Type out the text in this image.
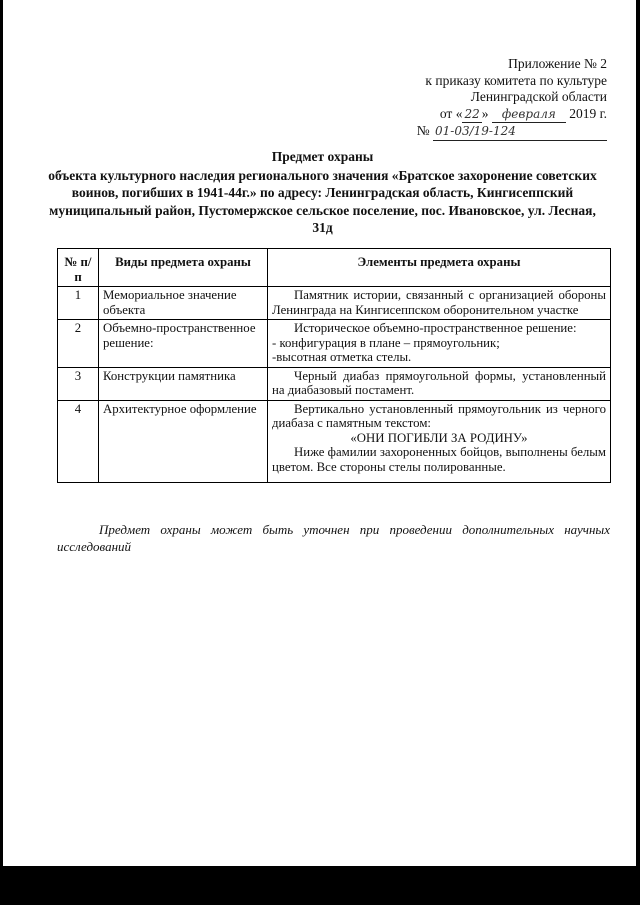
Приложение № 2
к приказу комитета по культуре
Ленинградской области
от « 22 » февраля 2019 г.
№ 01-03/19-124
Предмет охраны
объекта культурного наследия регионального значения «Братское захоронение советских воинов, погибших в 1941-44г.» по адресу: Ленинградская область, Кингисеппский муниципальный район, Пустомержское сельское поселение, пос. Ивановское, ул. Лесная, 31д
№ п/п	Виды предмета охраны	Элементы предмета охраны
1	Мемориальное значение объекта	Памятник истории, связанный с организацией обороны Ленинграда на Кингисеппском оборонительном участке

2	Объемно-пространственное решение:	Историческое объемно-пространственное решение:
- конфигурация в плане – прямоугольник;
-высотная отметка стелы.

3	Конструкции памятника	Черный диабаз прямоугольной формы, установленный на диабазовый постамент.

4	Архитектурное оформление	Вертикально установленный прямоугольник из черного диабаза с памятным текстом:
«ОНИ ПОГИБЛИ ЗА РОДИНУ»
Ниже фамилии захороненных бойцов, выполнены белым цветом. Все стороны стелы полированные.
Предмет охраны может быть уточнен при проведении дополнительных научных исследований
